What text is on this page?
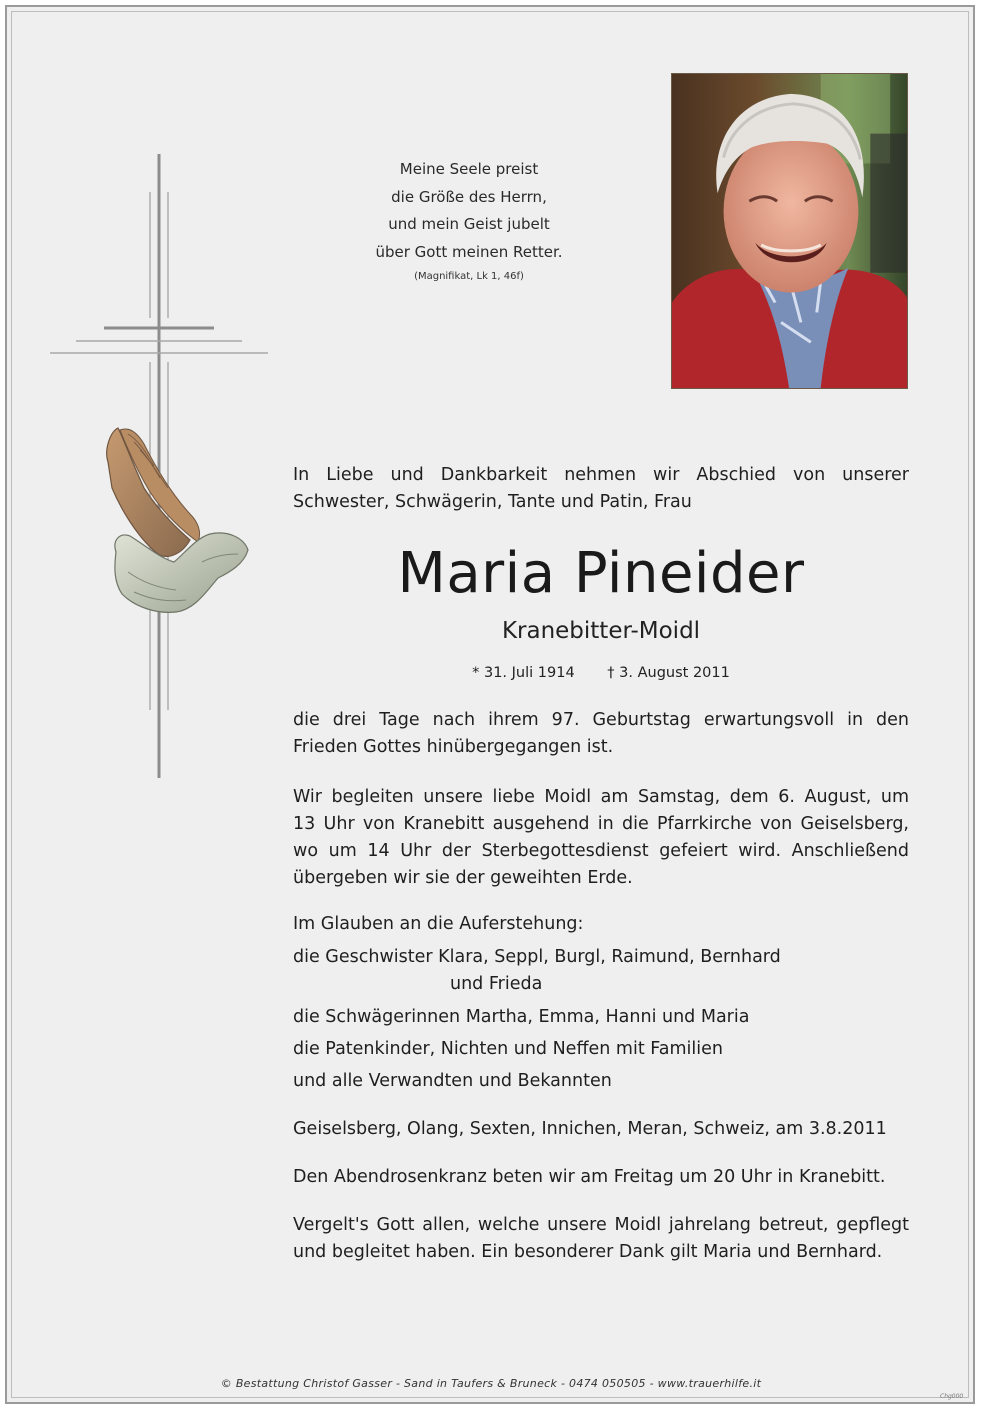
Meine Seele preist
die Größe des Herrn,
und mein Geist jubelt
über Gott meinen Retter.
(Magnifikat, Lk 1, 46f)
In Liebe und Dankbarkeit nehmen wir Abschied von unserer
Schwester, Schwägerin, Tante und Patin, Frau
Maria Pineider
Kranebitter-Moidl
* 31. Juli 1914 † 3. August 2011
die drei Tage nach ihrem 97. Geburtstag erwartungsvoll in den
Frieden Gottes hinübergegangen ist.
Wir begleiten unsere liebe Moidl am Samstag, dem 6. August, um
13 Uhr von Kranebitt ausgehend in die Pfarrkirche von Geiselsberg,
wo um 14 Uhr der Sterbegottesdienst gefeiert wird. Anschließend
übergeben wir sie der geweihten Erde.
Im Glauben an die Auferstehung:
die Geschwister Klara, Seppl, Burgl, Raimund, Bernhard
und Frieda
die Schwägerinnen Martha, Emma, Hanni und Maria
die Patenkinder, Nichten und Neffen mit Familien
und alle Verwandten und Bekannten
Geiselsberg, Olang, Sexten, Innichen, Meran, Schweiz, am 3.8.2011
Den Abendrosenkranz beten wir am Freitag um 20 Uhr in Kranebitt.
Vergelt's Gott allen, welche unsere Moidl jahrelang betreut, gepflegt
und begleitet haben. Ein besonderer Dank gilt Maria und Bernhard.
© Bestattung Christof Gasser - Sand in Taufers & Bruneck - 0474 050505 - www.trauerhilfe.it
Chg000
